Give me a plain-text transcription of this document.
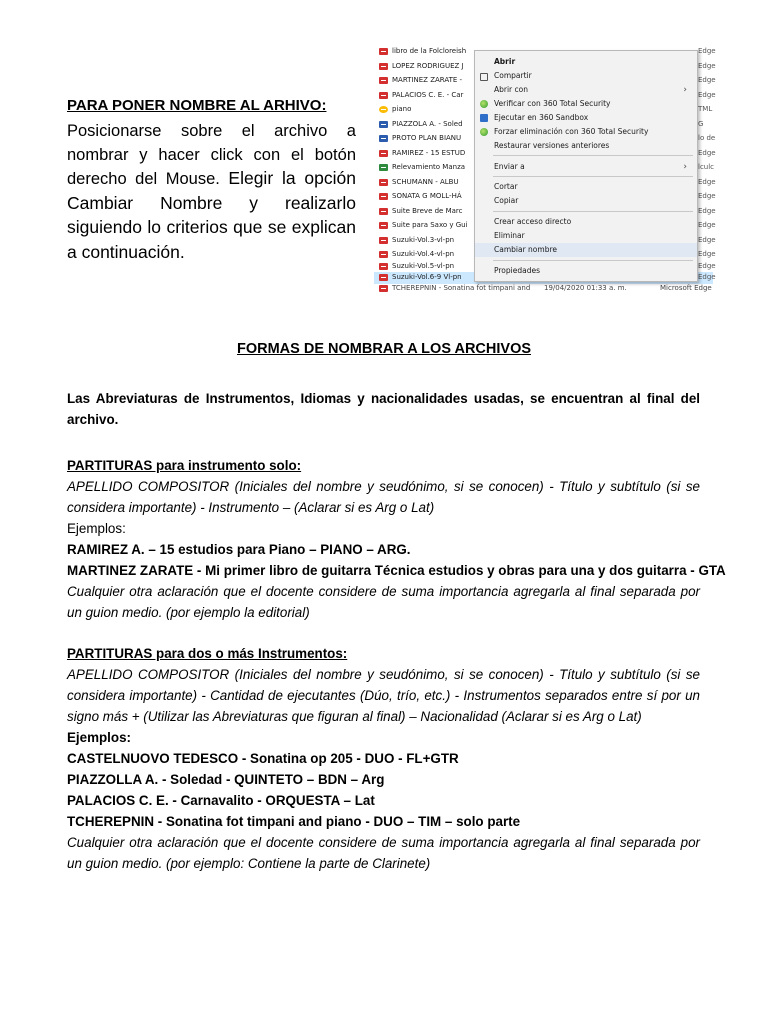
PARA PONER NOMBRE AL ARHIVO:

Posicionarse sobre el archivo a nombrar y hacer click con el botón derecho del Mouse. Elegir la opción Cambiar Nombre y realizarlo siguiendo lo criterios que se explican a continuación.

libro de la Folcloreish	Edge
LOPEZ RODRIGUEZ J	Edge
MARTINEZ ZARATE -	Edge
PALACIOS C. E. - Car	Edge
piano	TML
PIAZZOLA A. - Soled	G
PROTO PLAN BIANU	lo de
RAMIREZ - 15 ESTUD	Edge
Relevamiento Manza	lculc
SCHUMANN - ALBU	Edge
SONATA G MOLL-HÁ	Edge
Suite Breve de Marc	Edge
Suite para Saxo y Gui	Edge
Suzuki-Vol.3-vl-pn	Edge
Suzuki-Vol.4-vl-pn	Edge
Suzuki-Vol.5-vl-pn	Edge
Suzuki-Vol.6-9 Vl-pn	Edge
TCHEREPNIN - Sonatina fot timpani and 19/04/2020 01:33 a. m.	Microsoft Edge
Abrir
Compartir
Abrir con	›
Verificar con 360 Total Security
Ejecutar en 360 Sandbox
Forzar eliminación con 360 Total Security
Restaurar versiones anteriores
Enviar a	›
Cortar
Copiar
Crear acceso directo
Eliminar
Cambiar nombre
Propiedades
FORMAS DE NOMBRAR A LOS ARCHIVOS

Las Abreviaturas de Instrumentos, Idiomas y nacionalidades usadas, se encuentran al final del archivo.

PARTITURAS para instrumento solo:
APELLIDO COMPOSITOR (Iniciales del nombre y seudónimo, si se conocen) - Título y subtítulo (si se considera importante) - Instrumento – (Aclarar si es Arg o Lat)
Ejemplos:
RAMIREZ A. – 15 estudios para Piano – PIANO – ARG.
MARTINEZ ZARATE - Mi primer libro de guitarra Técnica estudios y obras para una y dos guitarra - GTA
Cualquier otra aclaración que el docente considere de suma importancia agregarla al final separada por un guion medio. (por ejemplo la editorial)
PARTITURAS para dos o más Instrumentos:
APELLIDO COMPOSITOR (Iniciales del nombre y seudónimo, si se conocen) - Título y subtítulo (si se considera importante) - Cantidad de ejecutantes (Dúo, trío, etc.) - Instrumentos separados entre sí por un signo más + (Utilizar las Abreviaturas que figuran al final) – Nacionalidad (Aclarar si es Arg o Lat)
Ejemplos:
CASTELNUOVO TEDESCO - Sonatina op 205 - DUO - FL+GTR
PIAZZOLLA A. - Soledad - QUINTETO – BDN – Arg
PALACIOS C. E. - Carnavalito - ORQUESTA – Lat
TCHEREPNIN - Sonatina fot timpani and piano - DUO – TIM – solo parte
Cualquier otra aclaración que el docente considere de suma importancia agregarla al final separada por un guion medio. (por ejemplo: Contiene la parte de Clarinete)
